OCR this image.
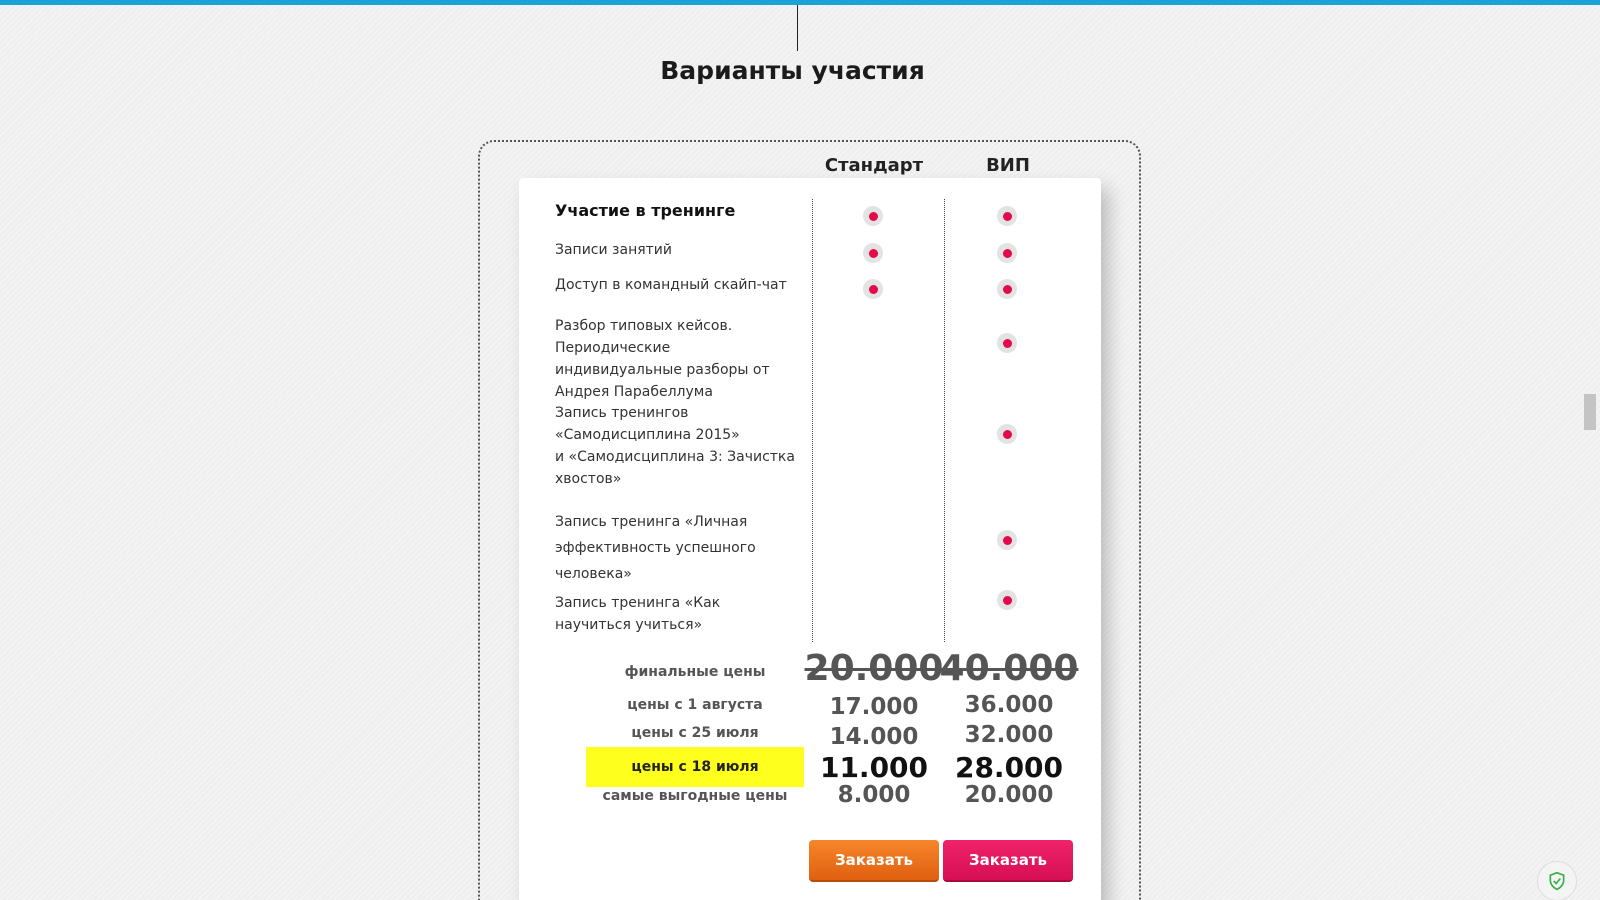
Варианты участия
Стандарт	ВИП
Участие в тренинге
Записи занятий
Доступ в командный скайп-чат
Разбор типовых кейсов. Периодические индивидуальные разборы от Андрея Парабеллума
Запись тренингов
«Самодисциплина 2015»
и «Самодисциплина 3: Зачистка хвостов»
Запись тренинга «Личная эффективность успешного человека»
Запись тренинга «Как научиться учиться»
финальные цены
цены с 1 августа
цены с 25 июля
цены с 18 июля
самые выгодные цены
20.000
17.000
14.000
11.000
8.000
40.000
36.000
32.000
28.000
20.000
Заказать	Заказать
